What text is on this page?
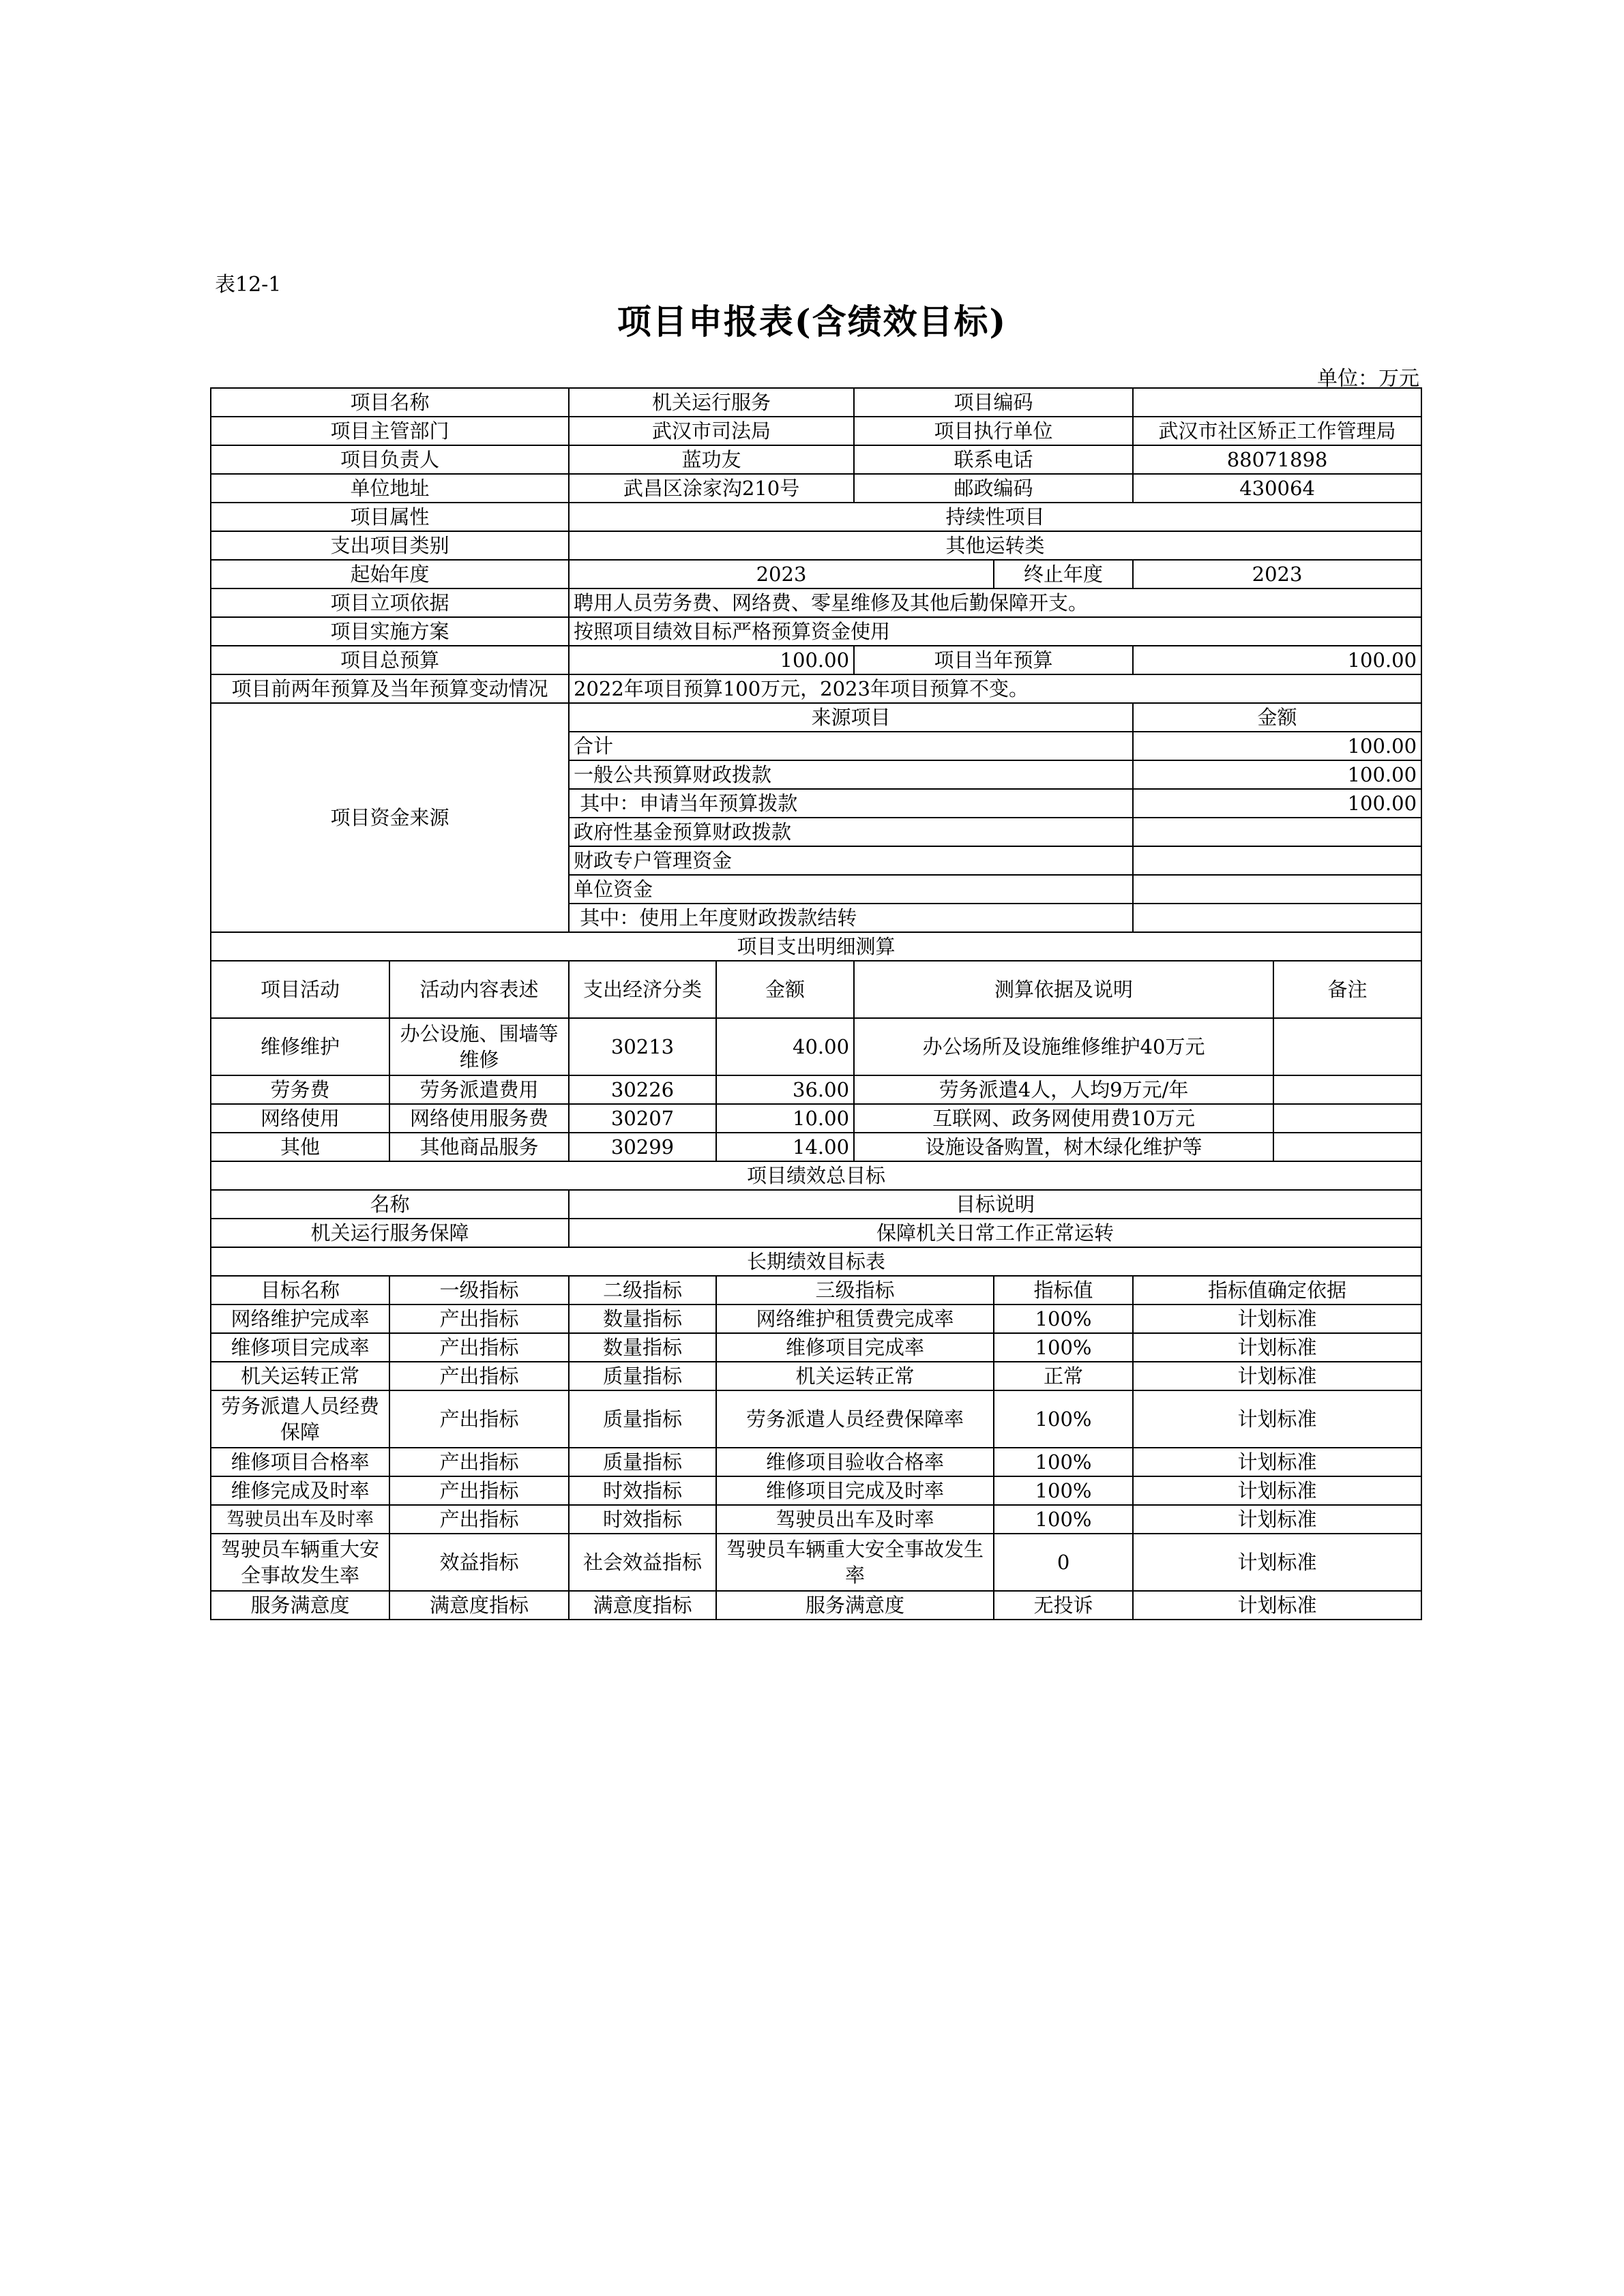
表12-1
项目申报表(含绩效目标)
单位：万元
项目名称		机关运行服务		项目编码			
项目主管部门		武汉市司法局		项目执行单位		武汉市社区矫正工作管理局	
项目负责人		蓝功友		联系电话		88071898	
单位地址		武昌区涂家沟210号		邮政编码		430064	
项目属性		持续性项目					
支出项目类别		其他运转类					
起始年度		2023			终止年度	2023	
项目立项依据		聘用人员劳务费、网络费、零星维修及其他后勤保障开支。					
项目实施方案		按照项目绩效目标严格预算资金使用					
项目总预算		100.00		项目当年预算		100.00	
项目前两年预算及当年预算变动情况		2022年项目预算100万元，2023年项目预算不变。					
项目资金来源		来源项目				金额	
		合计				100.00	
		一般公共预算财政拨款				100.00	
		其中：申请当年预算拨款				100.00	
		政府性基金预算财政拨款					
		财政专户管理资金					
		单位资金					
		其中：使用上年度财政拨款结转					
项目支出明细测算							
项目活动	活动内容表述	支出经济分类	金额	测算依据及说明			备注
维修维护	办公设施、围墙等维修	30213	40.00	办公场所及设施维修维护40万元			
劳务费	劳务派遣费用	30226	36.00	劳务派遣4人，人均9万元/年			
网络使用	网络使用服务费	30207	10.00	互联网、政务网使用费10万元			
其他	其他商品服务	30299	14.00	设施设备购置，树木绿化维护等			
项目绩效总目标							
名称		目标说明					
机关运行服务保障		保障机关日常工作正常运转					
长期绩效目标表							
目标名称	一级指标	二级指标	三级指标		指标值	指标值确定依据	
网络维护完成率	产出指标	数量指标	网络维护租赁费完成率		100%	计划标准	
维修项目完成率	产出指标	数量指标	维修项目完成率		100%	计划标准	
机关运转正常	产出指标	质量指标	机关运转正常		正常	计划标准	
劳务派遣人员经费保障	产出指标	质量指标	劳务派遣人员经费保障率		100%	计划标准	
维修项目合格率	产出指标	质量指标	维修项目验收合格率		100%	计划标准	
维修完成及时率	产出指标	时效指标	维修项目完成及时率		100%	计划标准	
驾驶员出车及时率	产出指标	时效指标	驾驶员出车及时率		100%	计划标准	
驾驶员车辆重大安全事故发生率	效益指标	社会效益指标	驾驶员车辆重大安全事故发生率		0	计划标准	
服务满意度	满意度指标	满意度指标	服务满意度		无投诉	计划标准	
